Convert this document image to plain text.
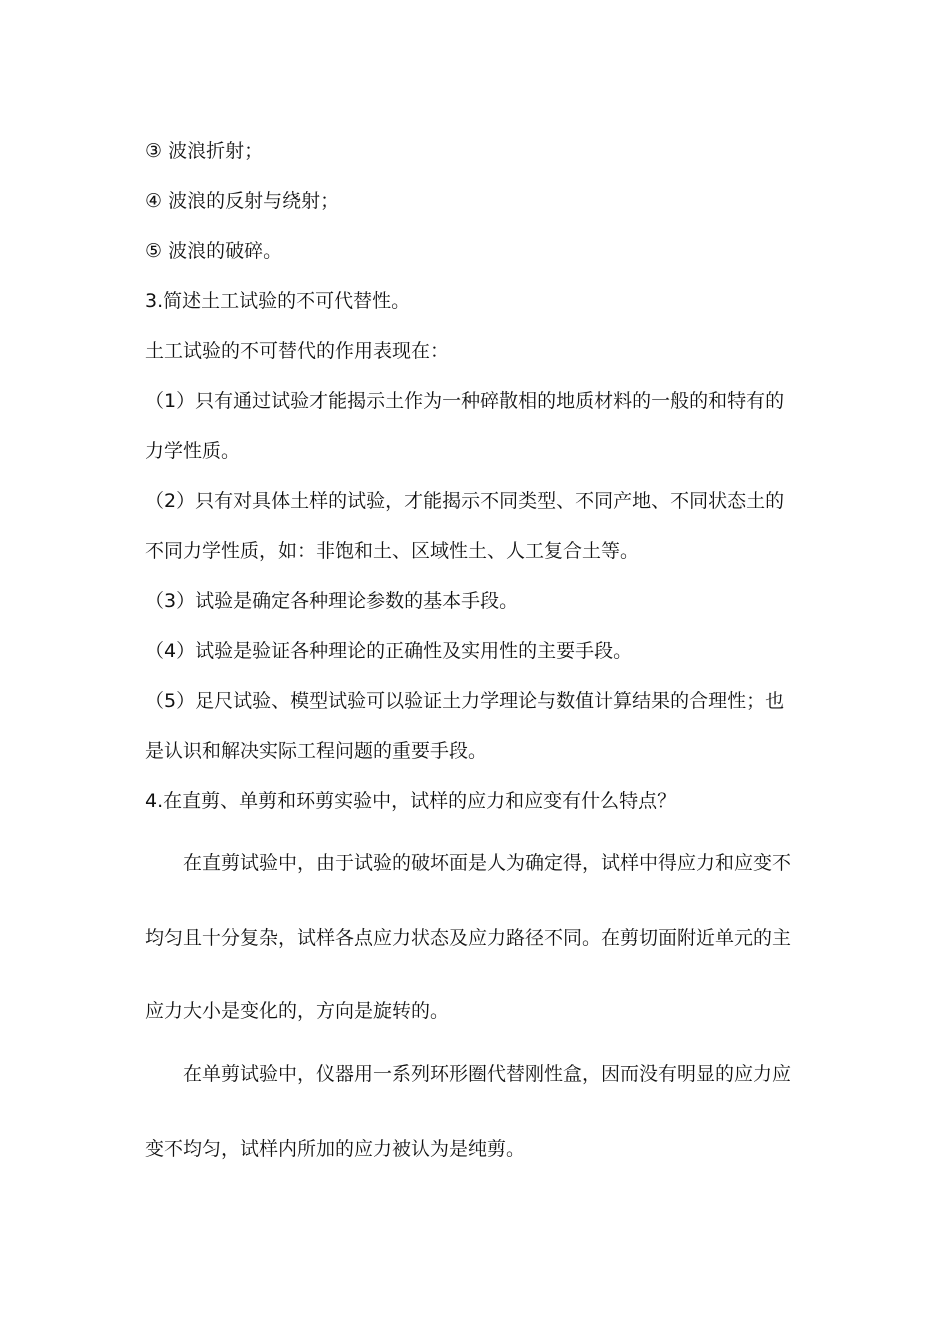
③ 波浪折射；
④ 波浪的反射与绕射；
⑤ 波浪的破碎。
3.简述土工试验的不可代替性。
土工试验的不可替代的作用表现在：
（1）只有通过试验才能揭示土作为一种碎散相的地质材料的一般的和特有的
力学性质。
（2）只有对具体土样的试验，才能揭示不同类型、不同产地、不同状态土的
不同力学性质，如：非饱和土、区域性土、人工复合土等。
（3）试验是确定各种理论参数的基本手段。
（4）试验是验证各种理论的正确性及实用性的主要手段。
（5）足尺试验、模型试验可以验证土力学理论与数值计算结果的合理性；也
是认识和解决实际工程问题的重要手段。
4.在直剪、单剪和环剪实验中，试样的应力和应变有什么特点？
在直剪试验中，由于试验的破坏面是人为确定得，试样中得应力和应变不
均匀且十分复杂，试样各点应力状态及应力路径不同。在剪切面附近单元的主
应力大小是变化的，方向是旋转的。
在单剪试验中，仪器用一系列环形圈代替刚性盒，因而没有明显的应力应
变不均匀，试样内所加的应力被认为是纯剪。
